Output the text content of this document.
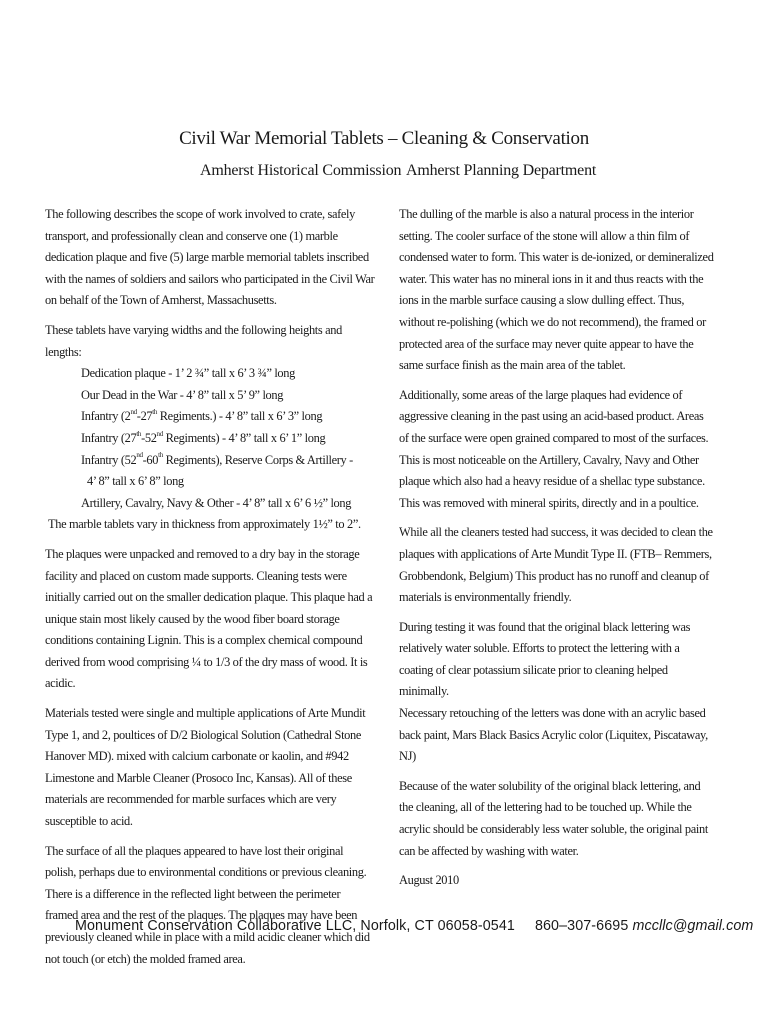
Civil War Memorial Tablets – Cleaning & Conservation
Amherst Historical Commission Amherst Planning Department

The following describes the scope of work involved to crate, safely transport, and professionally clean and conserve one (1) marble dedication plaque and five (5) large marble memorial tablets inscribed with the names of soldiers and sailors who participated in the Civil War on behalf of the Town of Amherst, Massachusetts.

These tablets have varying widths and the following heights and lengths:
Dedication plaque - 1’ 2 ¾” tall x 6’ 3 ¾” long
Our Dead in the War - 4’ 8” tall x 5’ 9” long
Infantry (2nd-27th Regiments.) - 4’ 8” tall x 6’ 3” long
Infantry (27th-52nd Regiments) - 4’ 8” tall x 6’ 1” long
Infantry (52nd-60th Regiments), Reserve Corps & Artillery -
4’ 8” tall x 6’ 8” long
Artillery, Cavalry, Navy & Other - 4’ 8” tall x 6’ 6 ½” long
The marble tablets vary in thickness from approximately 1½” to 2”.

The plaques were unpacked and removed to a dry bay in the storage facility and placed on custom made supports. Cleaning tests were initially carried out on the smaller dedication plaque. This plaque had a unique stain most likely caused by the wood fiber board storage conditions containing Lignin. This is a complex chemical compound derived from wood comprising ¼ to 1/3 of the dry mass of wood. It is acidic.

Materials tested were single and multiple applications of Arte Mundit Type 1, and 2, poultices of D/2 Biological Solution (Cathedral Stone Hanover MD). mixed with calcium carbonate or kaolin, and #942 Limestone and Marble Cleaner (Prosoco Inc, Kansas). All of these materials are recommended for marble surfaces which are very susceptible to acid.

The surface of all the plaques appeared to have lost their original polish, perhaps due to environmental conditions or previous cleaning. There is a difference in the reflected light between the perimeter framed area and the rest of the plaques. The plaques may have been previously cleaned while in place with a mild acidic cleaner which did not touch (or etch) the molded framed area.

The dulling of the marble is also a natural process in the interior setting. The cooler surface of the stone will allow a thin film of condensed water to form. This water is de-ionized, or demineralized water. This water has no mineral ions in it and thus reacts with the ions in the marble surface causing a slow dulling effect. Thus, without re-polishing (which we do not recommend), the framed or protected area of the surface may never quite appear to have the same surface finish as the main area of the tablet.

Additionally, some areas of the large plaques had evidence of aggressive cleaning in the past using an acid-based product. Areas of the surface were open grained compared to most of the surfaces. This is most noticeable on the Artillery, Cavalry, Navy and Other plaque which also had a heavy residue of a shellac type substance. This was removed with mineral spirits, directly and in a poultice.

While all the cleaners tested had success, it was decided to clean the plaques with applications of Arte Mundit Type II. (FTB– Remmers, Grobbendonk, Belgium) This product has no runoff and cleanup of materials is environmentally friendly.

During testing it was found that the original black lettering was relatively water soluble. Efforts to protect the lettering with a coating of clear potassium silicate prior to cleaning helped minimally.
Necessary retouching of the letters was done with an acrylic based back paint, Mars Black Basics Acrylic color (Liquitex, Piscataway, NJ)

Because of the water solubility of the original black lettering, and the cleaning, all of the lettering had to be touched up. While the acrylic should be considerably less water soluble, the original paint can be affected by washing with water.

August 2010

Monument Conservation Collaborative LLC, Norfolk, CT 06058-0541 860–307-6695 mccllc@gmail.com
